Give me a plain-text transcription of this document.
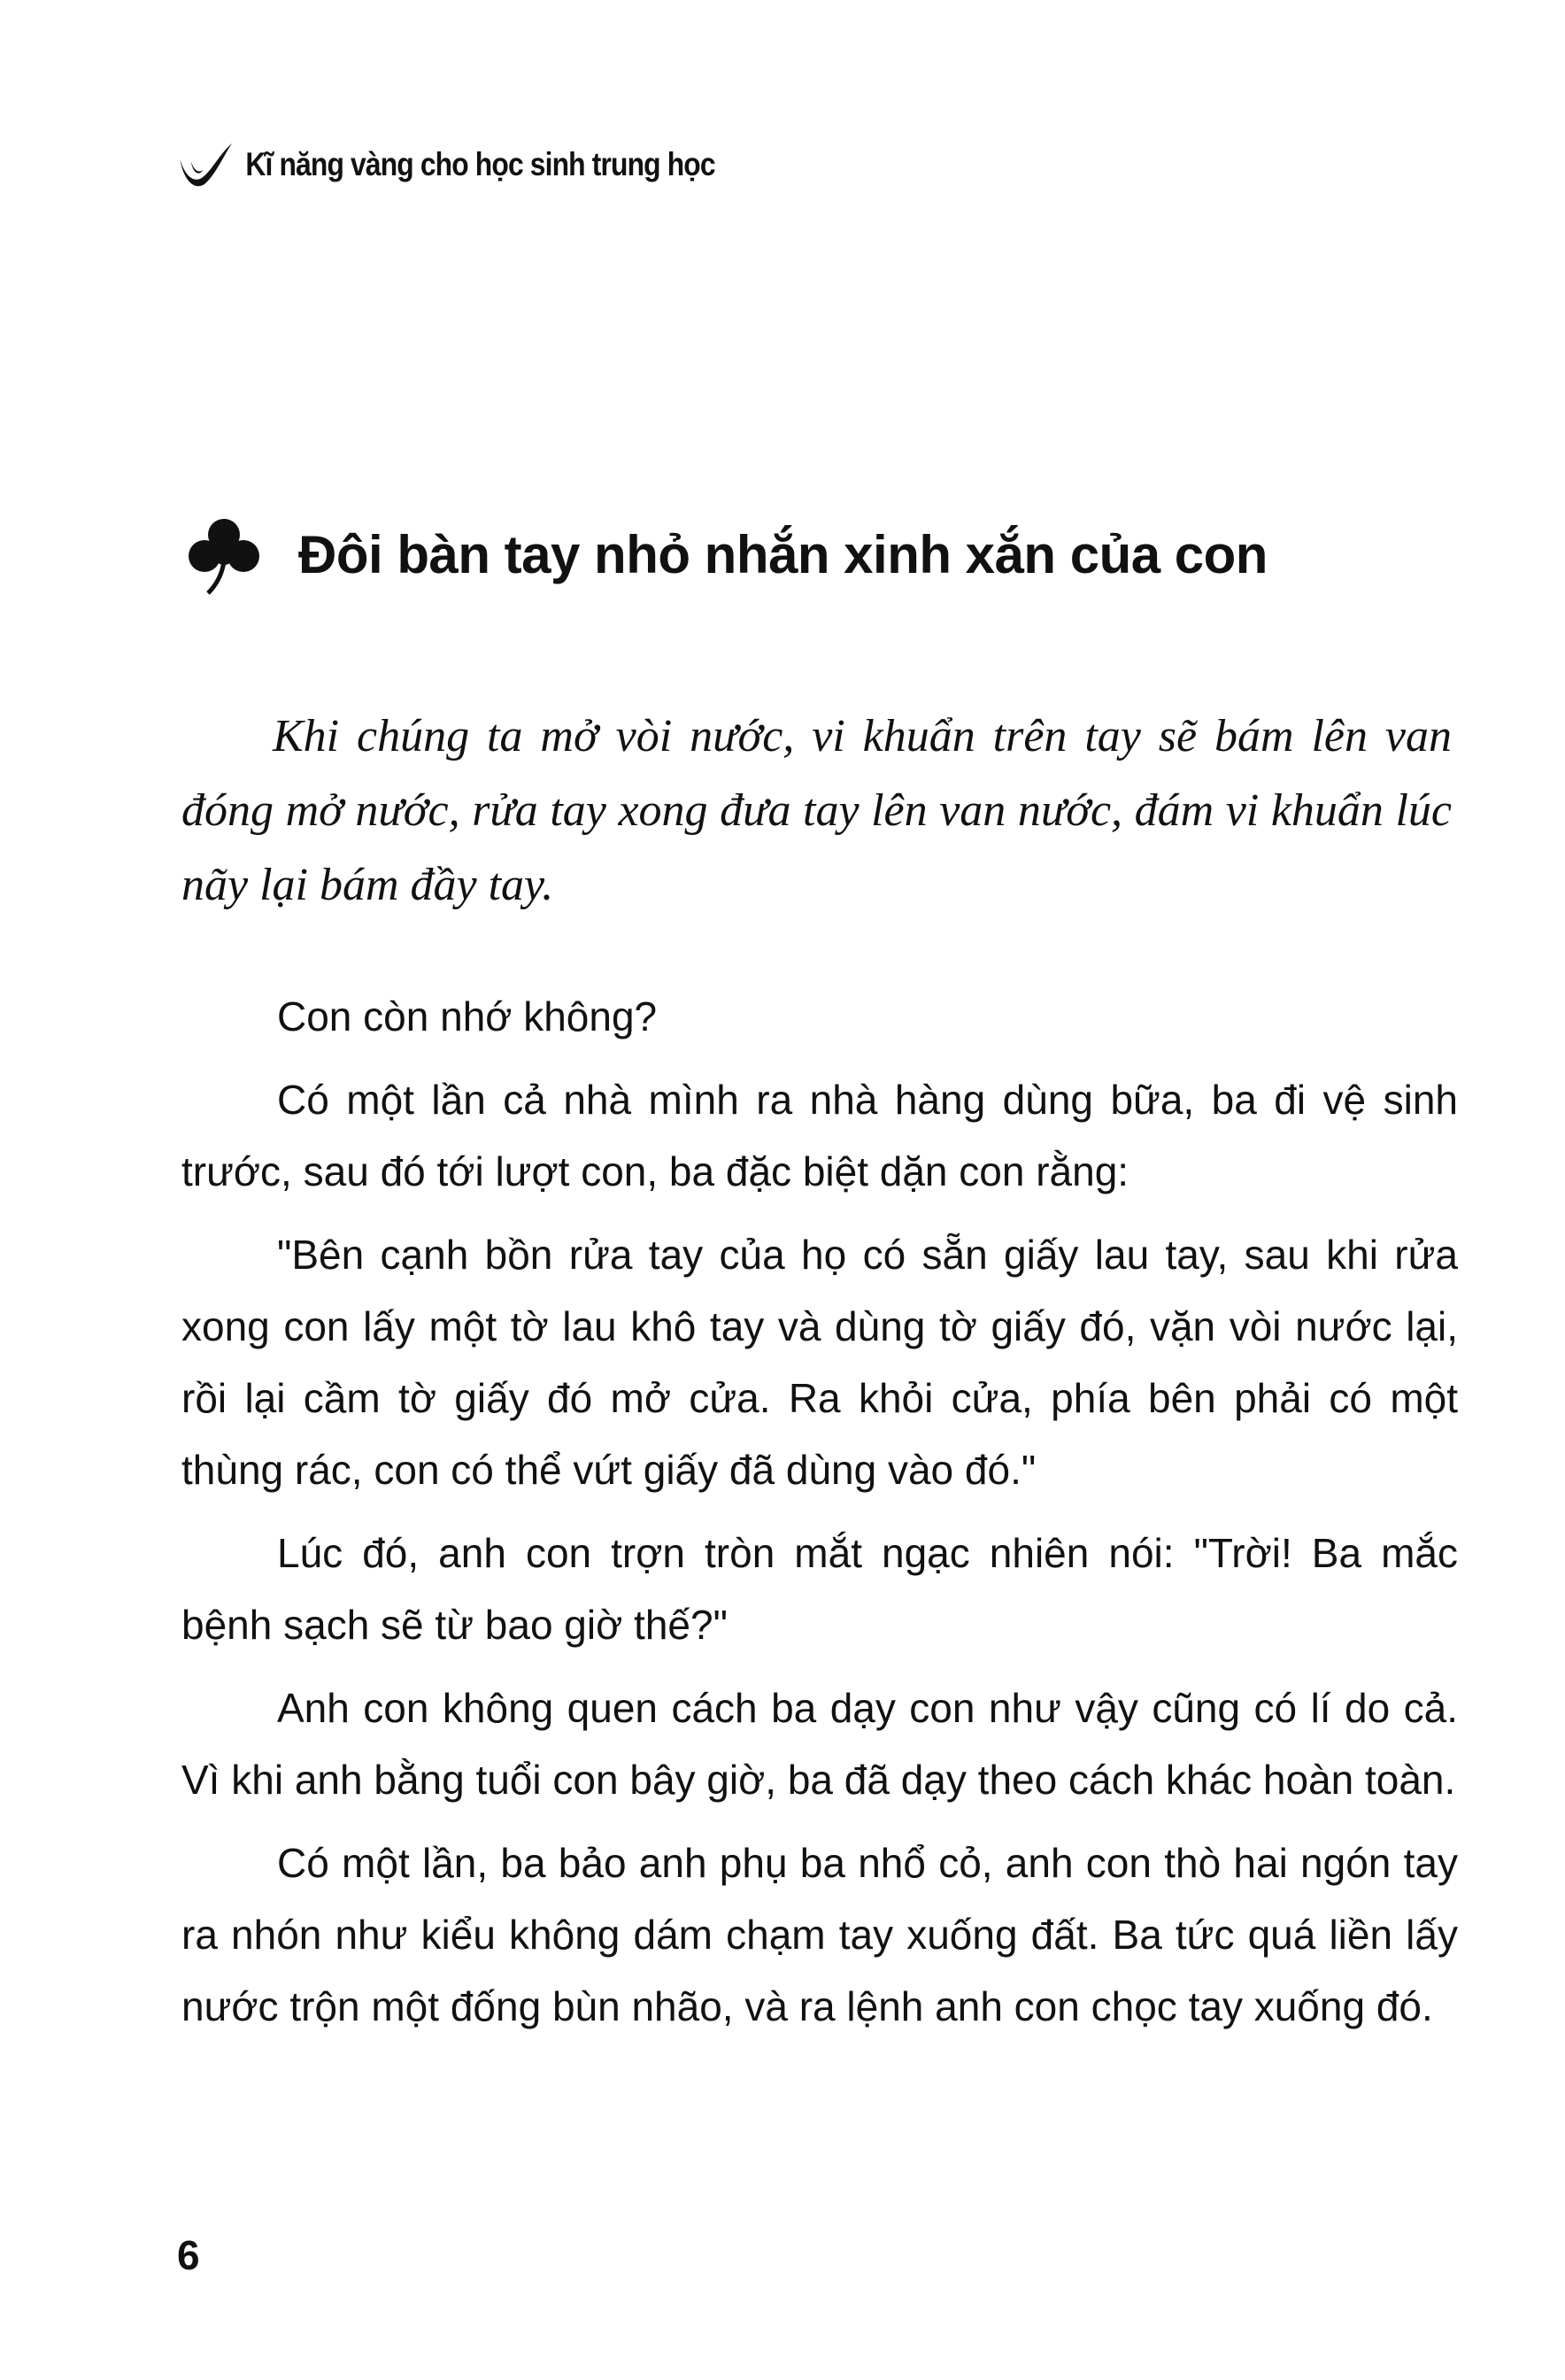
Kĩ năng vàng cho học sinh trung học
Đôi bàn tay nhỏ nhắn xinh xắn của con

Khi chúng ta mở vòi nước, vi khuẩn trên tay sẽ bám lên van đóng mở nước, rửa tay xong đưa tay lên van nước, đám vi khuẩn lúc nãy lại bám đầy tay.

Con còn nhớ không?

Có một lần cả nhà mình ra nhà hàng dùng bữa, ba đi vệ sinh trước, sau đó tới lượt con, ba đặc biệt dặn con rằng:

"Bên cạnh bồn rửa tay của họ có sẵn giấy lau tay, sau khi rửa xong con lấy một tờ lau khô tay và dùng tờ giấy đó, vặn vòi nước lại, rồi lại cầm tờ giấy đó mở cửa. Ra khỏi cửa, phía bên phải có một thùng rác, con có thể vứt giấy đã dùng vào đó."

Lúc đó, anh con trợn tròn mắt ngạc nhiên nói: "Trời! Ba mắc bệnh sạch sẽ từ bao giờ thế?"

Anh con không quen cách ba dạy con như vậy cũng có lí do cả. Vì khi anh bằng tuổi con bây giờ, ba đã dạy theo cách khác hoàn toàn.

Có một lần, ba bảo anh phụ ba nhổ cỏ, anh con thò hai ngón tay ra nhón như kiểu không dám chạm tay xuống đất. Ba tức quá liền lấy nước trộn một đống bùn nhão, và ra lệnh anh con chọc tay xuống đó.

6
